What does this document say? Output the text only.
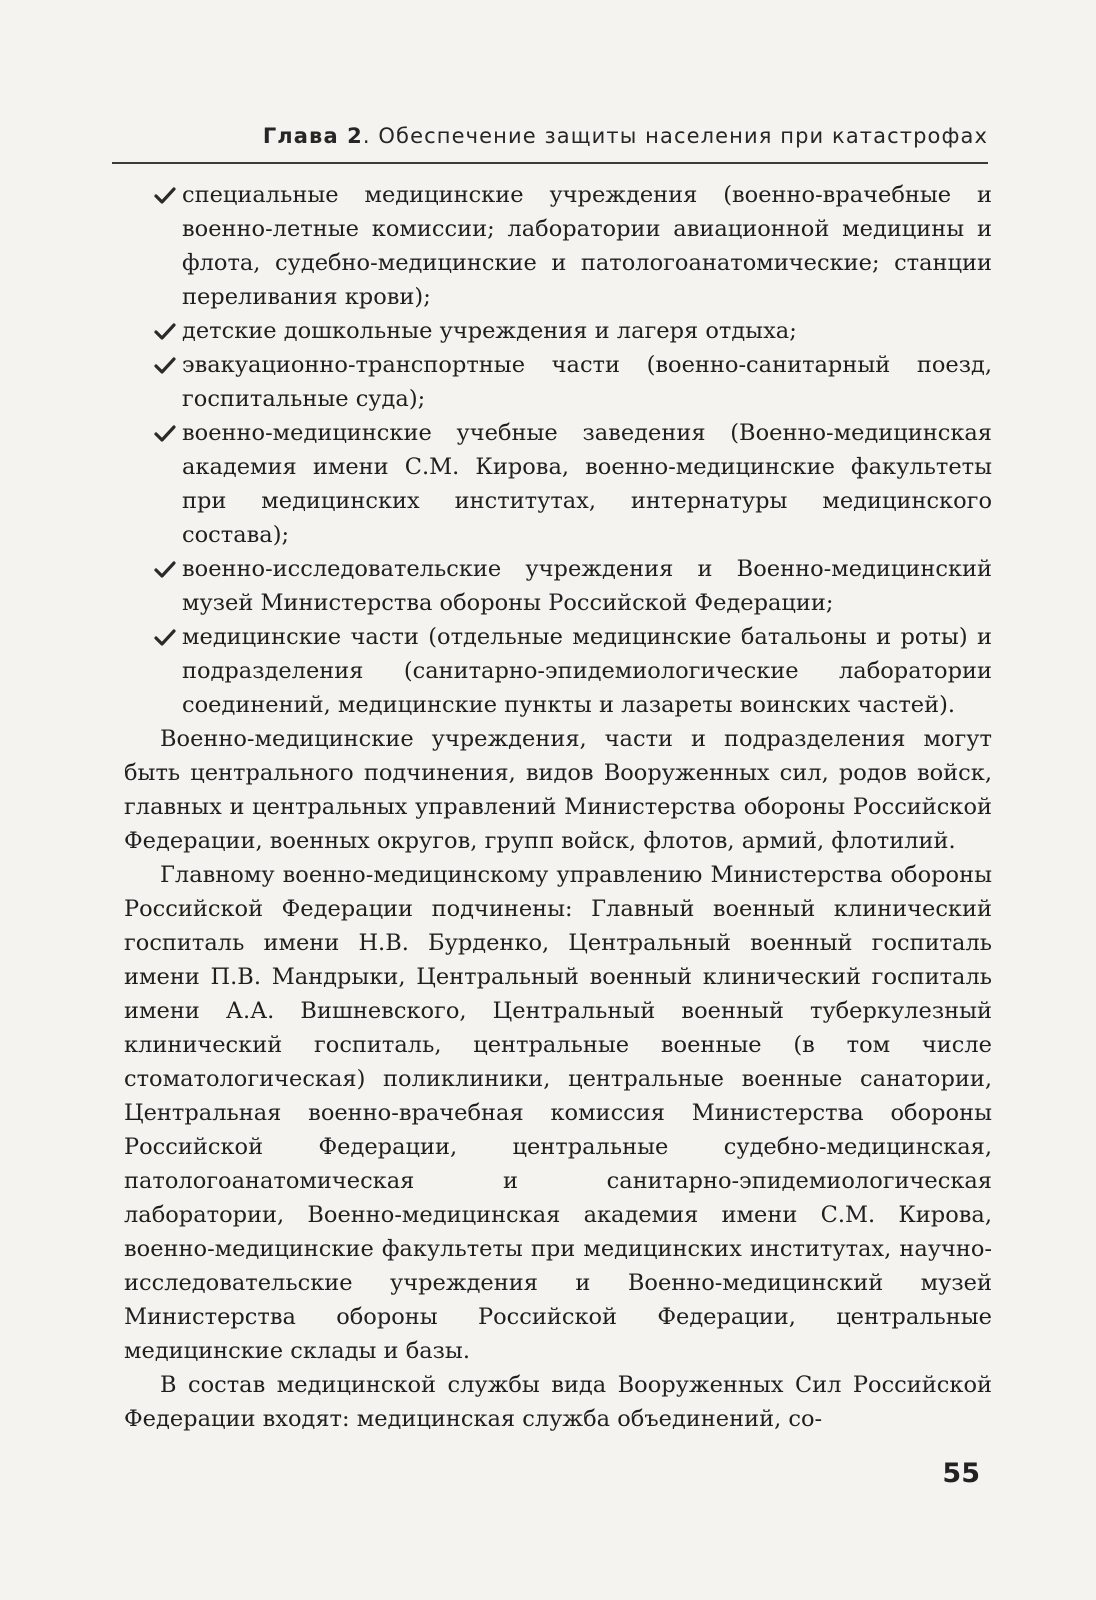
Глава 2. Обеспечение защиты населения при катастрофах
специальные медицинские учреждения (военно-врачебные и военно-летные комиссии; лаборатории авиационной медицины и флота, судебно-медицинские и патологоанатомические; станции переливания крови);
детские дошкольные учреждения и лагеря отдыха;
эвакуационно-транспортные части (военно-санитарный поезд, госпитальные суда);
военно-медицинские учебные заведения (Военно-медицинская академия имени С.М. Кирова, военно-медицинские факультеты при медицинских институтах, интернатуры медицинского состава);
военно-исследовательские учреждения и Военно-медицинский музей Министерства обороны Российской Федерации;
медицинские части (отдельные медицинские батальоны и роты) и подразделения (санитарно-эпидемиологические лаборатории соединений, медицинские пункты и лазареты воинских частей).

Военно-медицинские учреждения, части и подразделения могут быть центрального подчинения, видов Вооруженных сил, родов войск, главных и центральных управлений Министерства обороны Российской Федерации, военных округов, групп войск, флотов, армий, флотилий.

Главному военно-медицинскому управлению Министерства обороны Российской Федерации подчинены: Главный военный клинический госпиталь имени Н.В. Бурденко, Центральный военный госпиталь имени П.В. Мандрыки, Центральный военный клинический госпиталь имени А.А. Вишневского, Центральный военный туберкулезный клинический госпиталь, центральные военные (в том числе стоматологическая) поликлиники, центральные военные санатории, Центральная военно-врачебная комиссия Министерства обороны Российской Федерации, центральные судебно-медицинская, патологоанатомическая и санитарно-эпидемиологическая лаборатории, Военно-медицинская академия имени С.М. Кирова, военно-медицинские факультеты при медицинских институтах, научно-исследовательские учреждения и Военно-медицинский музей Министерства обороны Российской Федерации, центральные медицинские склады и базы.

В состав медицинской службы вида Вооруженных Сил Российской Федерации входят: медицинская служба объединений, со-

55
